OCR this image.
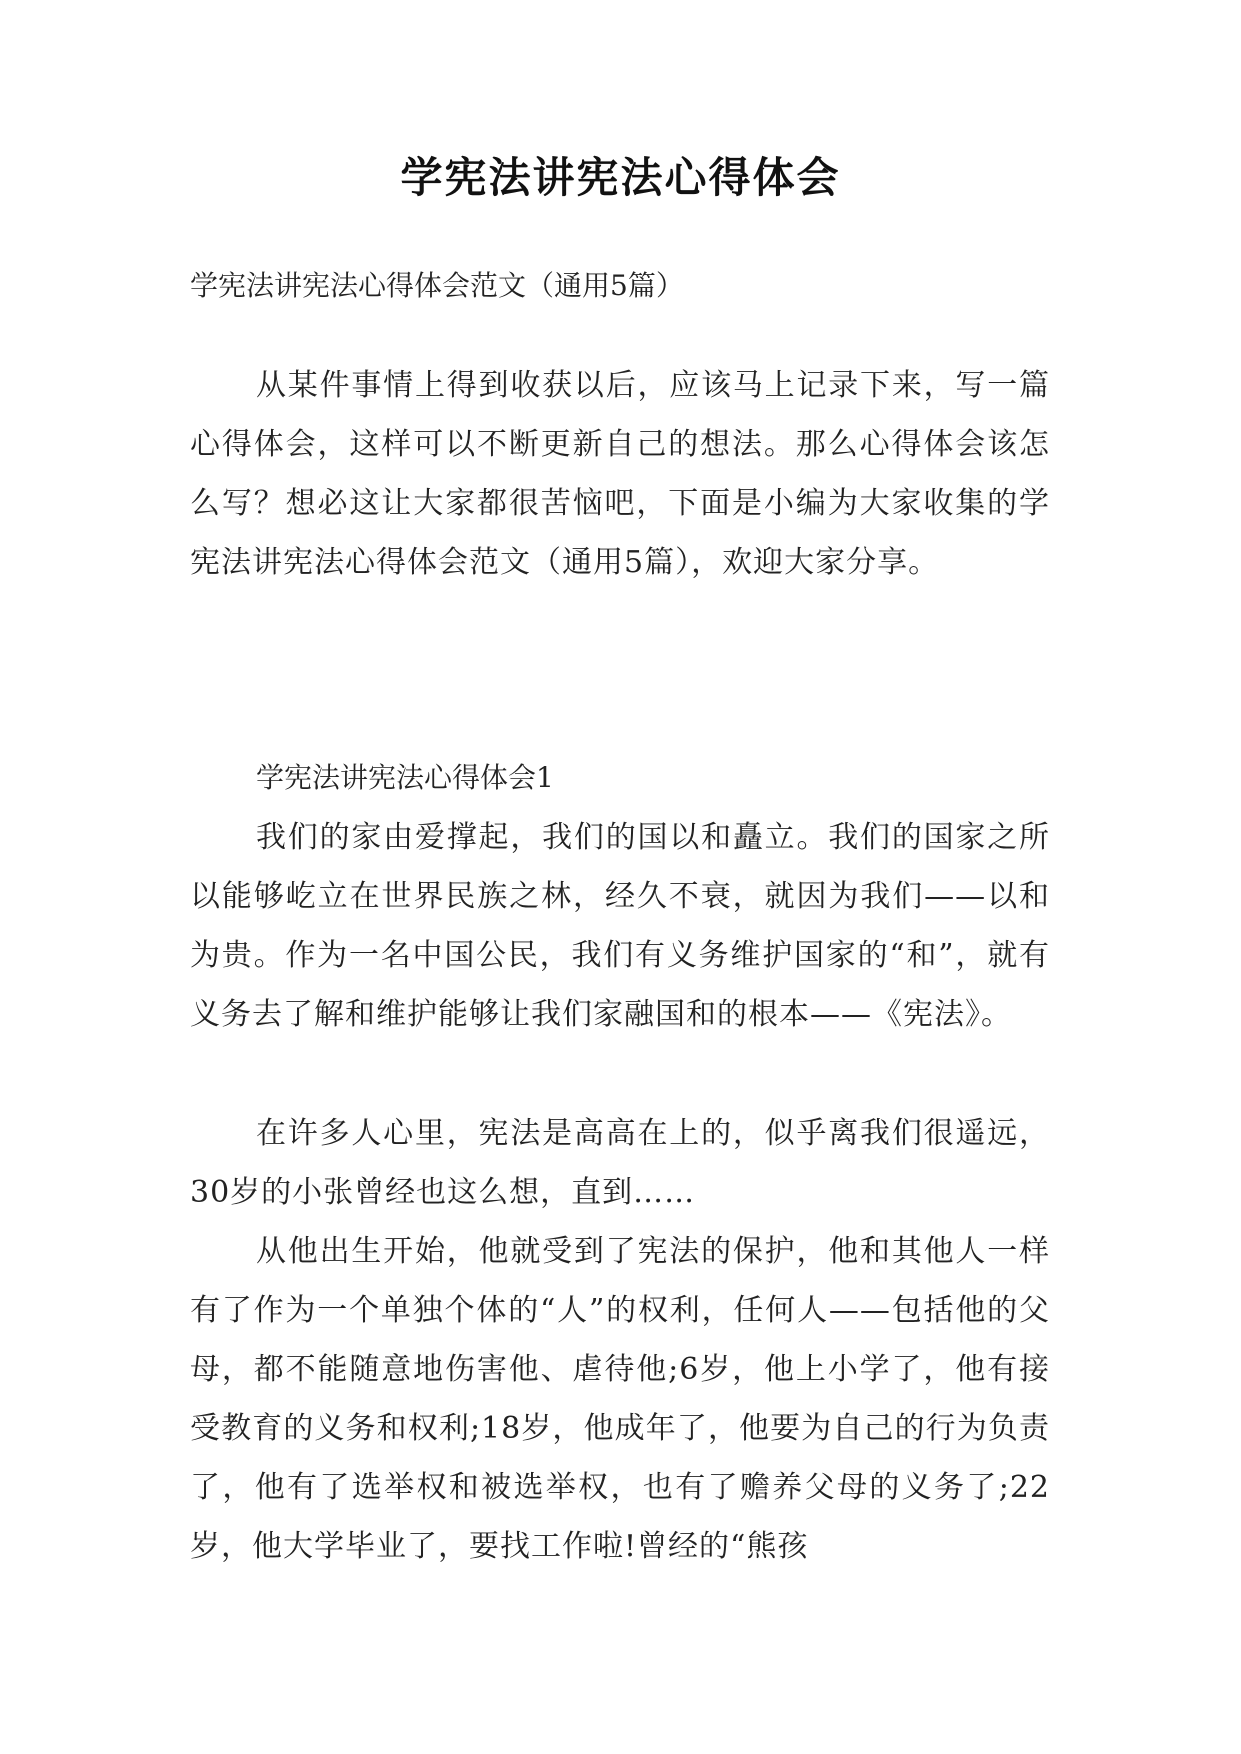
学宪法讲宪法心得体会
学宪法讲宪法心得体会范文（通用5篇）
从某件事情上得到收获以后，应该马上记录下来，写一篇心得体会，这样可以不断更新自己的想法。那么心得体会该怎么写？想必这让大家都很苦恼吧，下面是小编为大家收集的学宪法讲宪法心得体会范文（通用5篇），欢迎大家分享。
学宪法讲宪法心得体会1
我们的家由爱撑起，我们的国以和矗立。我们的国家之所以能够屹立在世界民族之林，经久不衰，就因为我们——以和为贵。作为一名中国公民，我们有义务维护国家的“和”，就有义务去了解和维护能够让我们家融国和的根本——《宪法》。
在许多人心里，宪法是高高在上的，似乎离我们很遥远，30岁的小张曾经也这么想，直到……
从他出生开始，他就受到了宪法的保护，他和其他人一样有了作为一个单独个体的“人”的权利，任何人——包括他的父母，都不能随意地伤害他、虐待他;6岁，他上小学了，他有接受教育的义务和权利;18岁，他成年了，他要为自己的行为负责了，他有了选举权和被选举权，也有了赡养父母的义务了;22岁，他大学毕业了，要找工作啦!曾经的“熊孩
